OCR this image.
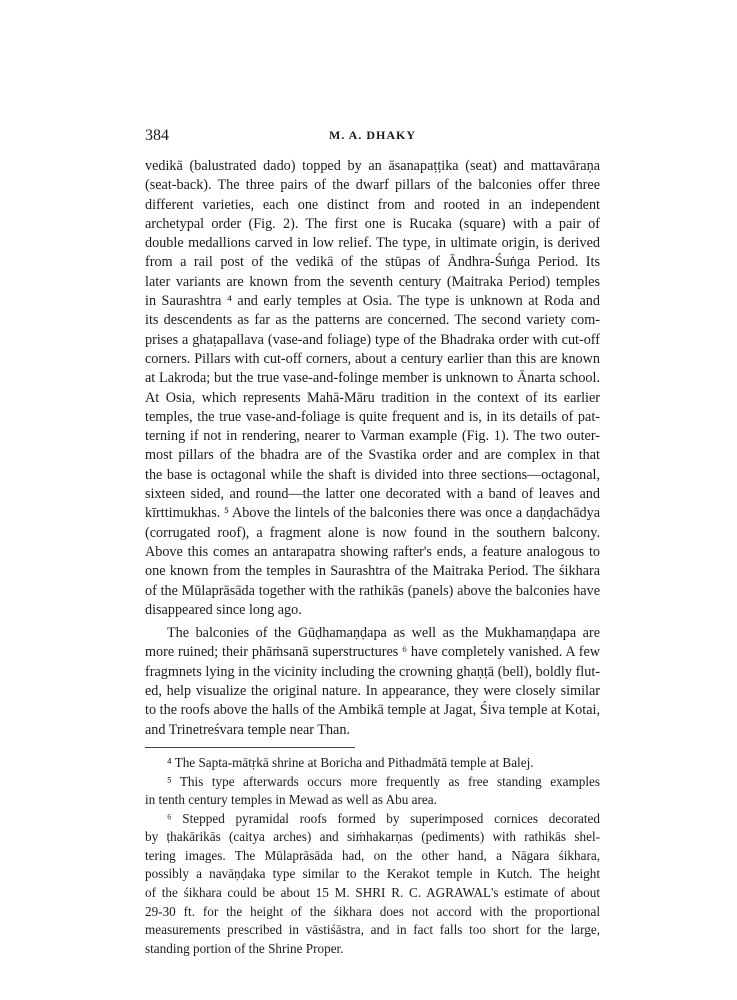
384	M. A. DHAKY

vedikā (balustrated dado) topped by an āsanapaṭṭika (seat) and mattavāraṇa
(seat-back). The three pairs of the dwarf pillars of the balconies offer three
different varieties, each one distinct from and rooted in an independent
archetypal order (Fig. 2). The first one is Rucaka (square) with a pair of
double medallions carved in low relief. The type, in ultimate origin, is derived
from a rail post of the vedikā of the stūpas of Āndhra-Śuṅga Period. Its
later variants are known from the seventh century (Maitraka Period) temples
in Saurashtra ⁴ and early temples at Osia. The type is unknown at Roda and
its descendents as far as the patterns are concerned. The second variety com-
prises a ghaṭapallava (vase-and foliage) type of the Bhadraka order with cut-off
corners. Pillars with cut-off corners, about a century earlier than this are known
at Lakroda; but the true vase-and-folinge member is unknown to Ānarta school.
At Osia, which represents Mahā-Māru tradition in the context of its earlier
temples, the true vase-and-foliage is quite frequent and is, in its details of pat-
terning if not in rendering, nearer to Varman example (Fig. 1). The two outer-
most pillars of the bhadra are of the Svastika order and are complex in that
the base is octagonal while the shaft is divided into three sections—octagonal,
sixteen sided, and round—the latter one decorated with a band of leaves and
kīrttimukhas. ⁵ Above the lintels of the balconies there was once a daṇḍachādya
(corrugated roof), a fragment alone is now found in the southern balcony.
Above this comes an antarapatra showing rafter's ends, a feature analogous to
one known from the temples in Saurashtra of the Maitraka Period. The śikhara
of the Mūlaprāsāda together with the rathikās (panels) above the balconies have
disappeared since long ago.

The balconies of the Gūḍhamaṇḍapa as well as the Mukhamaṇḍapa are
more ruined; their phāṁsanā superstructures ⁶ have completely vanished. A few
fragmnets lying in the vicinity including the crowning ghaṇṭā (bell), boldly flut-
ed, help visualize the original nature. In appearance, they were closely similar
to the roofs above the halls of the Ambikā temple at Jagat, Śiva temple at Kotai,
and Trinetreśvara temple near Than.

⁴ The Sapta-mātṛkā shrine at Boricha and Pithadmātā temple at Balej.
⁵ This type afterwards occurs more frequently as free standing examples
in tenth century temples in Mewad as well as Abu area.
⁶ Stepped pyramidal roofs formed by superimposed cornices decorated
by ṭhakārikās (caitya arches) and siṁhakarṇas (pediments) with rathikās shel-
tering images. The Mūlaprāsāda had, on the other hand, a Nāgara śikhara,
possibly a navāṇḍaka type similar to the Kerakot temple in Kutch. The height
of the śikhara could be about 15 M. SHRI R. C. AGRAWAL's estimate of about
29-30 ft. for the height of the śikhara does not accord with the proportional
measurements prescribed in vāstiśāstra, and in fact falls too short for the large,
standing portion of the Shrine Proper.
